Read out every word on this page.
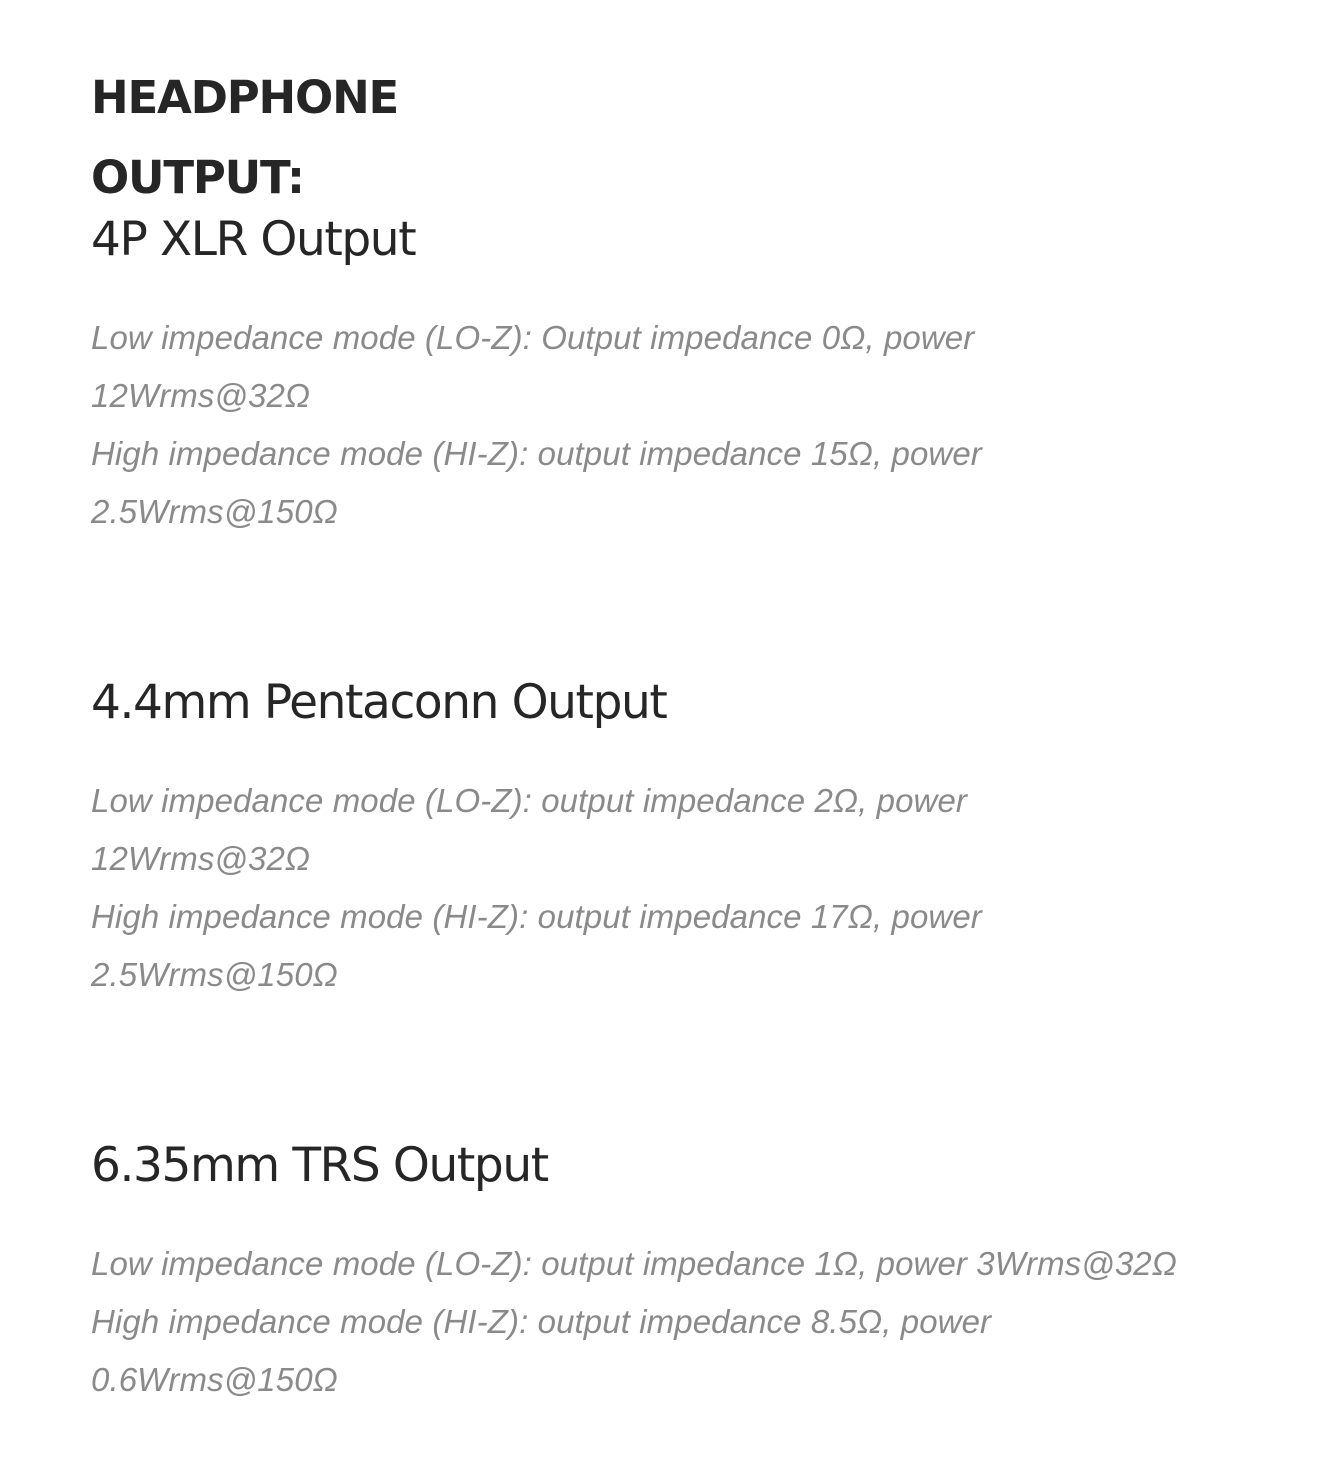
HEADPHONE OUTPUT:
4P XLR Output

Low impedance mode (LO-Z): Output impedance 0Ω, power

12Wrms@32Ω

High impedance mode (HI-Z): output impedance 15Ω, power

2.5Wrms@150Ω

4.4mm Pentaconn Output

Low impedance mode (LO-Z): output impedance 2Ω, power

12Wrms@32Ω

High impedance mode (HI-Z): output impedance 17Ω, power

2.5Wrms@150Ω

6.35mm TRS Output

Low impedance mode (LO-Z): output impedance 1Ω, power 3Wrms@32Ω

High impedance mode (HI-Z): output impedance 8.5Ω, power

0.6Wrms@150Ω
